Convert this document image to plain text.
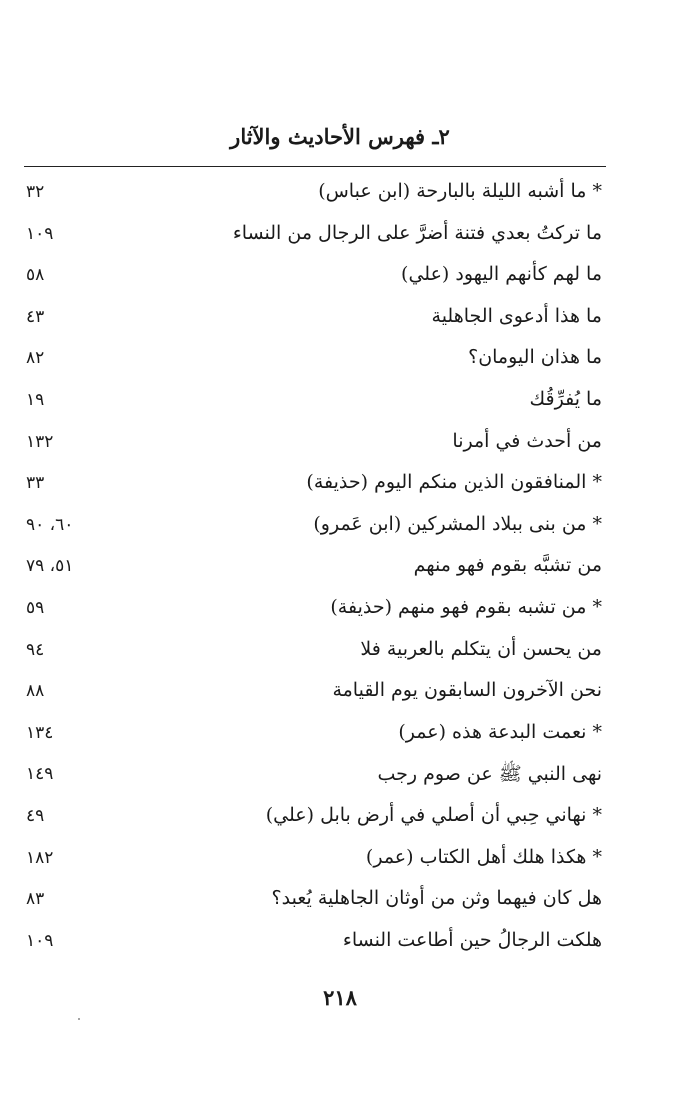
٢ـ فهرس الأحاديث والآثار
* ما أشبه الليلة بالبارحة (ابن عباس)
٣٢
ما تركتُ بعدي فتنة أضرَّ على الرجال من النساء
١٠٩
ما لهم كأنهم اليهود (علي)
٥٨
ما هذا أدعوى الجاهلية
٤٣
ما هذان اليومان؟
٨٢
ما يُفرِّقُك
١٩
من أحدث في أمرنا
١٣٢
* المنافقون الذين منكم اليوم (حذيفة)
٣٣
* من بنى ببلاد المشركين (ابن عَمرو)
٦٠، ٩٠
من تشبَّه بقوم فهو منهم
٥١، ٧٩
* من تشبه بقوم فهو منهم (حذيفة)
٥٩
من يحسن أن يتكلم بالعربية فلا
٩٤
نحن الآخرون السابقون يوم القيامة
٨٨
* نعمت البدعة هذه (عمر)
١٣٤
نهى النبي ﷺ عن صوم رجب
١٤٩
* نهاني حِبي أن أصلي في أرض بابل (علي)
٤٩
* هكذا هلك أهل الكتاب (عمر)
١٨٢
هل كان فيهما وثن من أوثان الجاهلية يُعبد؟
٨٣
هلكت الرجالُ حين أطاعت النساء
١٠٩
٢١٨
